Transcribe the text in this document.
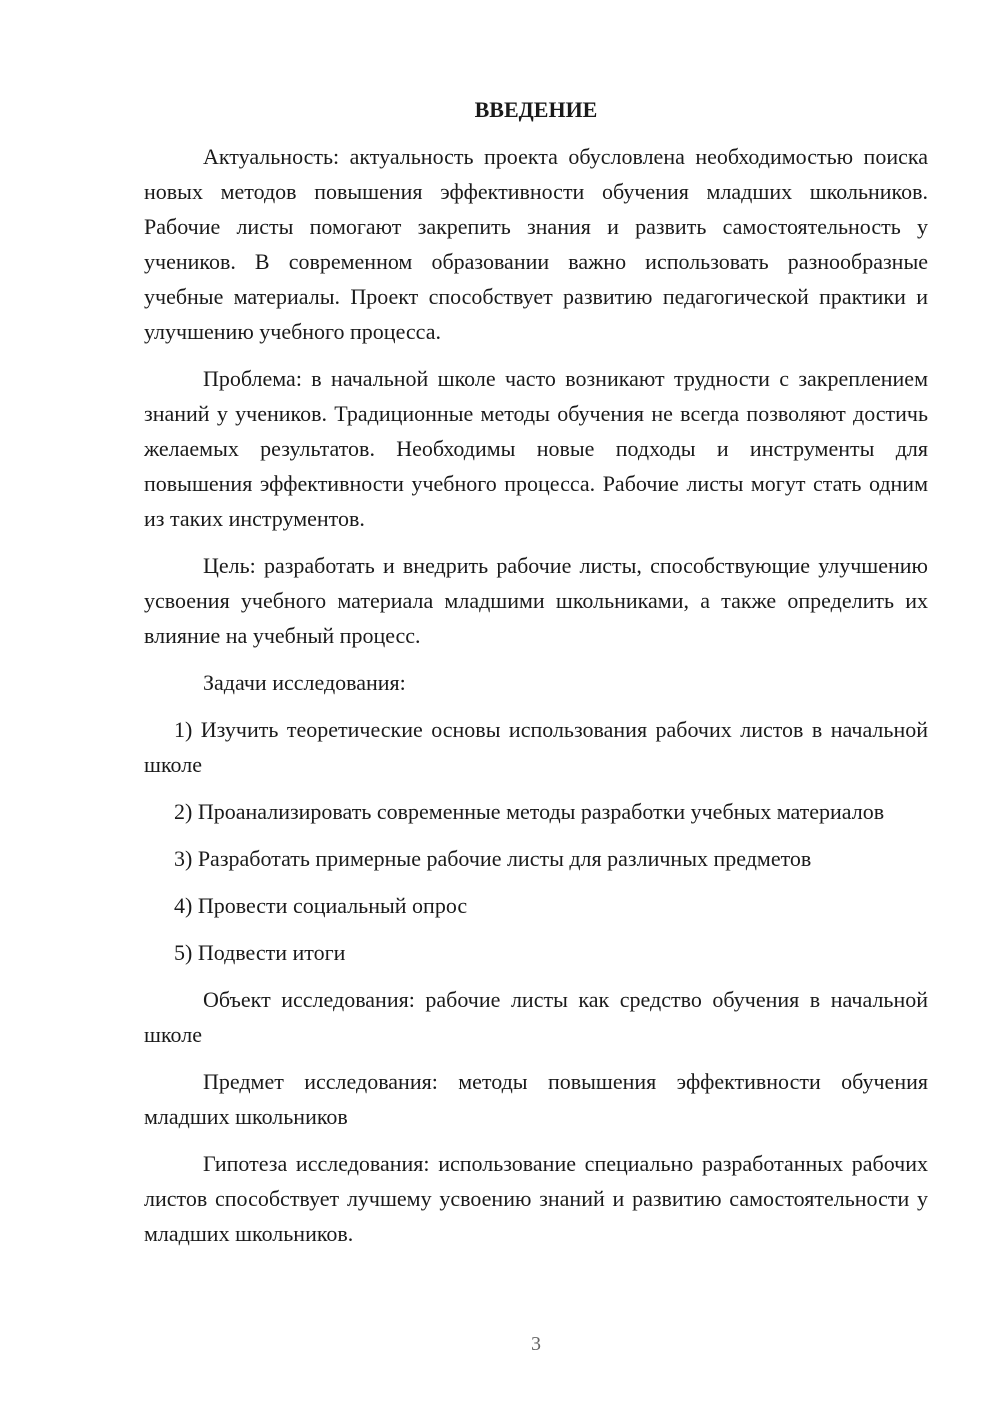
ВВЕДЕНИЕ

Актуальность: актуальность проекта обусловлена необходимостью поиска новых методов повышения эффективности обучения младших школьников. Рабочие листы помогают закрепить знания и развить самостоятельность у учеников. В современном образовании важно использовать разнообразные учебные материалы. Проект способствует развитию педагогической практики и улучшению учебного процесса.

Проблема: в начальной школе часто возникают трудности с закреплением знаний у учеников. Традиционные методы обучения не всегда позволяют достичь желаемых результатов. Необходимы новые подходы и инструменты для повышения эффективности учебного процесса. Рабочие листы могут стать одним из таких инструментов.

Цель: разработать и внедрить рабочие листы, способствующие улучшению усвоения учебного материала младшими школьниками, а также определить их влияние на учебный процесс.

Задачи исследования:

1) Изучить теоретические основы использования рабочих листов в начальной школе

2) Проанализировать современные методы разработки учебных материалов

3) Разработать примерные рабочие листы для различных предметов

4) Провести социальный опрос

5) Подвести итоги

Объект исследования: рабочие листы как средство обучения в начальной школе

Предмет исследования: методы повышения эффективности обучения младших школьников

Гипотеза исследования: использование специально разработанных рабочих листов способствует лучшему усвоению знаний и развитию самостоятельности у младших школьников.

3
